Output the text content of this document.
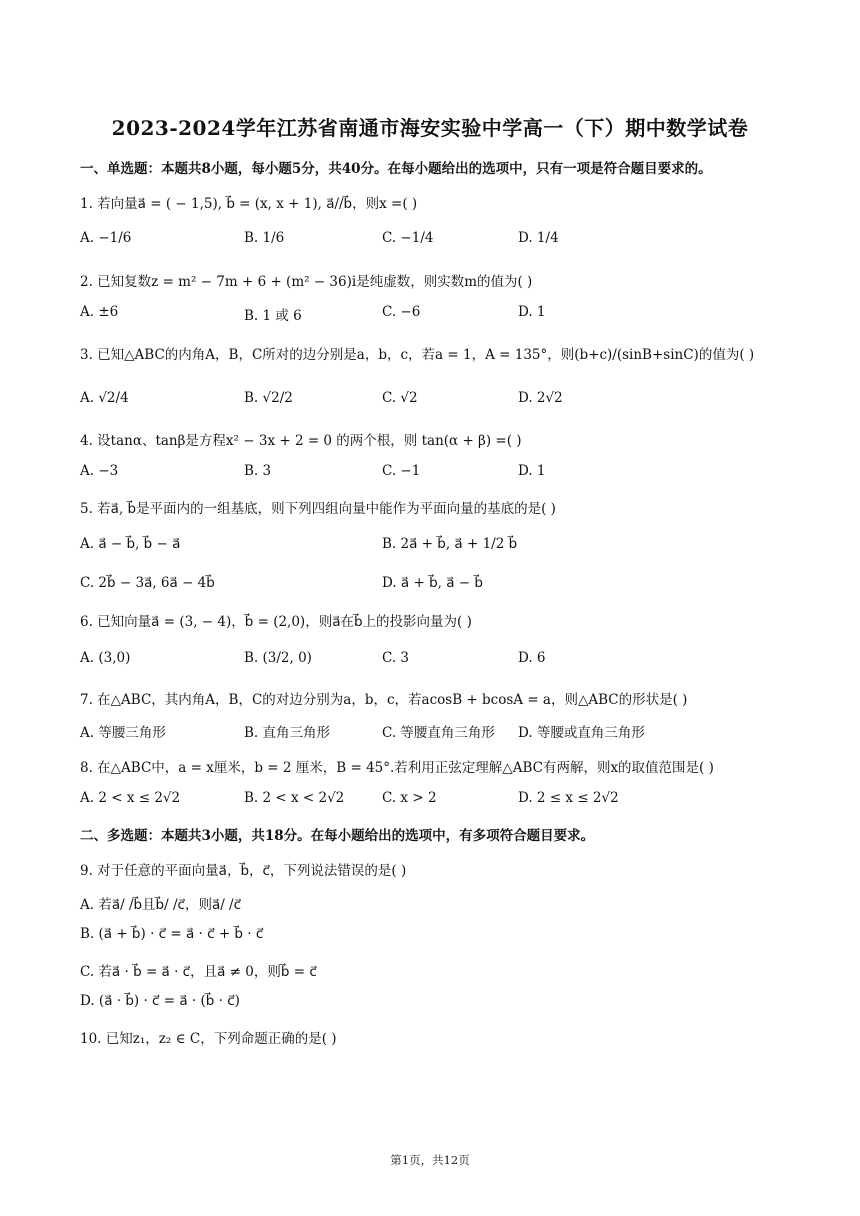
2023-2024学年江苏省南通市海安实验中学高一（下）期中数学试卷
一、单选题：本题共8小题，每小题5分，共40分。在每小题给出的选项中，只有一项是符合题目要求的。
1. 若向量a⃗ = ( − 1,5), b⃗ = (x, x + 1), a⃗//b⃗，则x =( )
A. −1/6	B. 1/6	C. −1/4	D. 1/4
2. 已知复数z = m² − 7m + 6 + (m² − 36)i是纯虚数，则实数m的值为( )
A. ±6	B. 1 或 6	C. −6	D. 1
3. 已知△ABC的内角A，B，C所对的边分别是a，b，c，若a = 1，A = 135°，则(b+c)/(sinB+sinC)的值为( )
A. √2/4	B. √2/2	C. √2	D. 2√2
4. 设tanα、tanβ是方程x² − 3x + 2 = 0 的两个根，则 tan(α + β) =( )
A. −3	B. 3	C. −1	D. 1
5. 若a⃗, b⃗是平面内的一组基底，则下列四组向量中能作为平面向量的基底的是( )
A. a⃗ − b⃗, b⃗ − a⃗	B. 2a⃗ + b⃗, a⃗ + 1/2 b⃗
C. 2b⃗ − 3a⃗, 6a⃗ − 4b⃗	D. a⃗ + b⃗, a⃗ − b⃗
6. 已知向量a⃗ = (3, − 4)，b⃗ = (2,0)，则a⃗在b⃗上的投影向量为( )
A. (3,0)	B. (3/2, 0)	C. 3	D. 6
7. 在△ABC，其内角A，B，C的对边分别为a，b，c，若acosB + bcosA = a，则△ABC的形状是( )
A. 等腰三角形	B. 直角三角形	C. 等腰直角三角形 D. 等腰或直角三角形
8. 在△ABC中，a = x厘米，b = 2 厘米，B = 45°.若利用正弦定理解△ABC有两解，则x的取值范围是( )
A. 2 < x ≤ 2√2	B. 2 < x < 2√2	C. x > 2	D. 2 ≤ x ≤ 2√2
二、多选题：本题共3小题，共18分。在每小题给出的选项中，有多项符合题目要求。
9. 对于任意的平面向量a⃗，b⃗，c⃗，下列说法错误的是( )
A. 若a⃗/ /b⃗且b⃗/ /c⃗，则a⃗/ /c⃗
B. (a⃗ + b⃗) · c⃗ = a⃗ · c⃗ + b⃗ · c⃗
C. 若a⃗ · b⃗ = a⃗ · c⃗，且a⃗ ≠ 0，则b⃗ = c⃗
D. (a⃗ · b⃗) · c⃗ = a⃗ · (b⃗ · c⃗)
10. 已知z₁，z₂ ∈ C，下列命题正确的是( )
第1页，共12页
